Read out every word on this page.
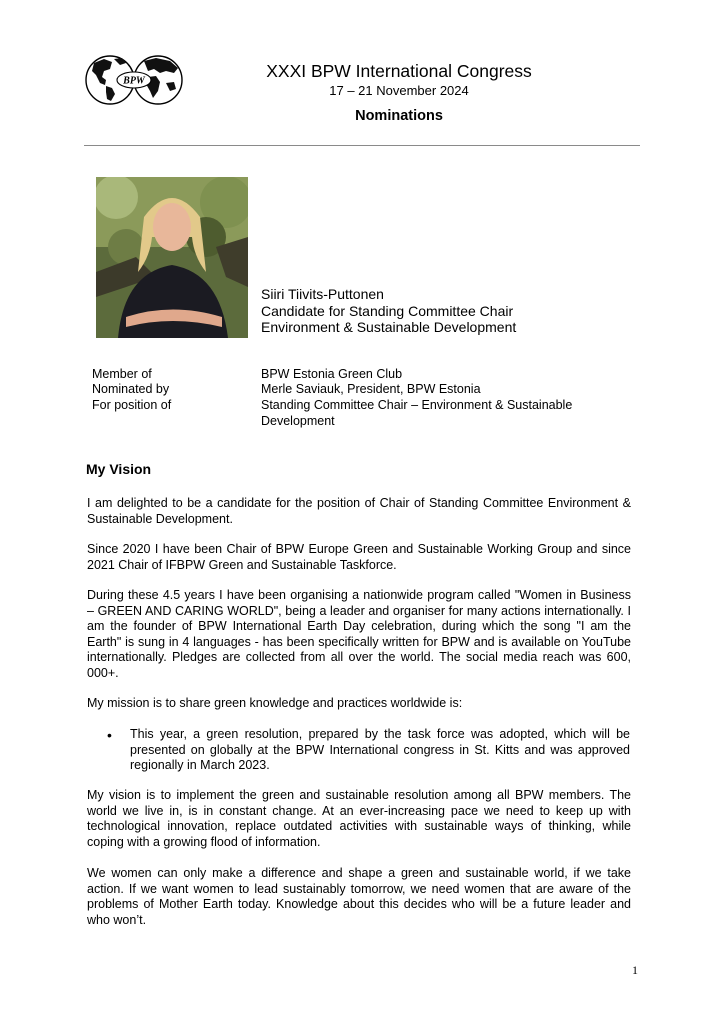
BPW	XXXI BPW International Congress
17 – 21 November 2024
Nominations
Siiri Tiivits-Puttonen
Candidate for Standing Committee Chair
Environment & Sustainable Development
Member of	BPW Estonia Green Club
Nominated by	Merle Saviauk, President, BPW Estonia
For position of	Standing Committee Chair – Environment & Sustainable Development
My Vision
I am delighted to be a candidate for the position of Chair of Standing Committee Environment & Sustainable Development.
Since 2020 I have been Chair of BPW Europe Green and Sustainable Working Group and since 2021 Chair of IFBPW Green and Sustainable Taskforce.
During these 4.5 years I have been organising a nationwide program called "Women in Business – GREEN AND CARING WORLD", being a leader and organiser for many actions internationally. I am the founder of BPW International Earth Day celebration, during which the song "I am the Earth" is sung in 4 languages - has been specifically written for BPW and is available on YouTube internationally. Pledges are collected from all over the world. The social media reach was 600, 000+.
My mission is to share green knowledge and practices worldwide is:
• This year, a green resolution, prepared by the task force was adopted, which will be presented on globally at the BPW International congress in St. Kitts and was approved regionally in March 2023.
My vision is to implement the green and sustainable resolution among all BPW members. The world we live in, is in constant change. At an ever-increasing pace we need to keep up with technological innovation, replace outdated activities with sustainable ways of thinking, while coping with a growing flood of information.
We women can only make a difference and shape a green and sustainable world, if we take action. If we want women to lead sustainably tomorrow, we need women that are aware of the problems of Mother Earth today. Knowledge about this decides who will be a future leader and who won’t.
1
